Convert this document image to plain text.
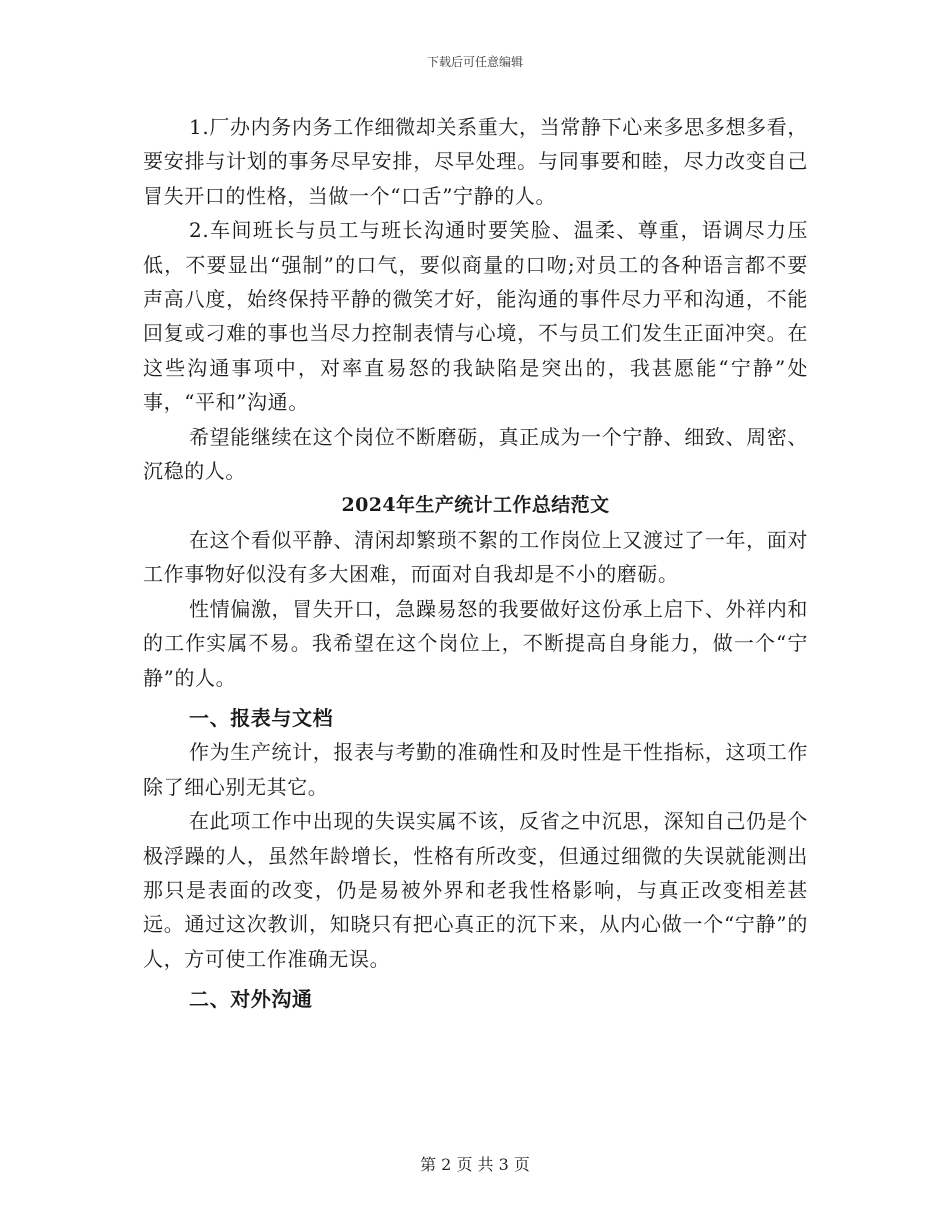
下载后可任意编辑

1.厂办内务内务工作细微却关系重大，当常静下心来多思多想多看，要安排与计划的事务尽早安排，尽早处理。与同事要和睦，尽力改变自己冒失开口的性格，当做一个“口舌”宁静的人。

2.车间班长与员工与班长沟通时要笑脸、温柔、尊重，语调尽力压低，不要显出“强制”的口气，要似商量的口吻;对员工的各种语言都不要声高八度，始终保持平静的微笑才好，能沟通的事件尽力平和沟通，不能回复或刁难的事也当尽力控制表情与心境，不与员工们发生正面冲突。在这些沟通事项中，对率直易怒的我缺陷是突出的，我甚愿能“宁静”处事，“平和”沟通。

希望能继续在这个岗位不断磨砺，真正成为一个宁静、细致、周密、沉稳的人。

2024年生产统计工作总结范文

在这个看似平静、清闲却繁琐不絮的工作岗位上又渡过了一年，面对工作事物好似没有多大困难，而面对自我却是不小的磨砺。

性情偏激，冒失开口，急躁易怒的我要做好这份承上启下、外祥内和的工作实属不易。我希望在这个岗位上，不断提高自身能力，做一个“宁静”的人。

一、报表与文档

作为生产统计，报表与考勤的准确性和及时性是干性指标，这项工作除了细心别无其它。

在此项工作中出现的失误实属不该，反省之中沉思，深知自己仍是个极浮躁的人，虽然年龄增长，性格有所改变，但通过细微的失误就能测出那只是表面的改变，仍是易被外界和老我性格影响，与真正改变相差甚远。通过这次教训，知晓只有把心真正的沉下来，从内心做一个“宁静”的人，方可使工作准确无误。

二、对外沟通
第 2 页 共 3 页
